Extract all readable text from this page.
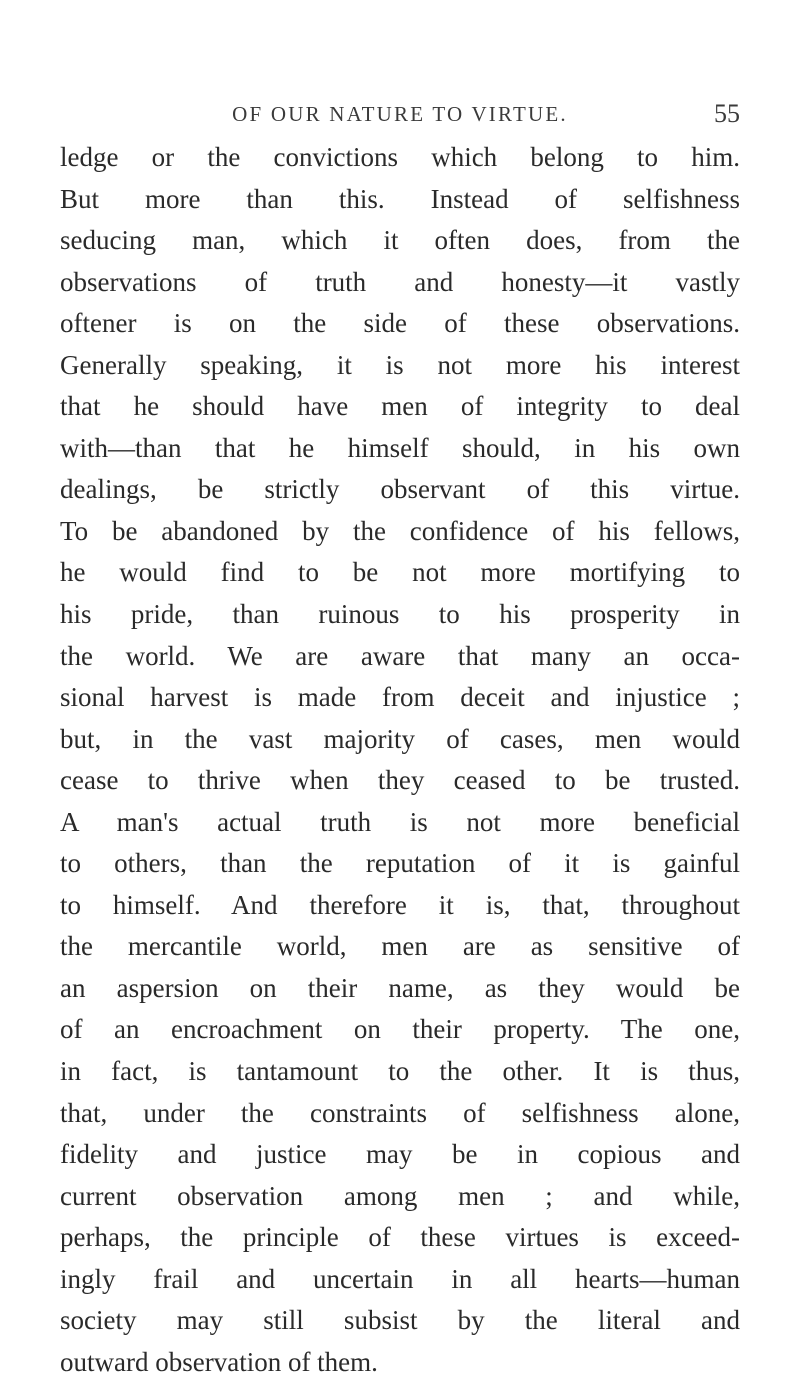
OF OUR NATURE TO VIRTUE.	55
ledge or the convictions which belong to him.
But more than this. Instead of selfishness
seducing man, which it often does, from the
observations of truth and honesty—it vastly
oftener is on the side of these observations.
Generally speaking, it is not more his interest
that he should have men of integrity to deal
with—than that he himself should, in his own
dealings, be strictly observant of this virtue.
To be abandoned by the confidence of his fellows,
he would find to be not more mortifying to
his pride, than ruinous to his prosperity in
the world. We are aware that many an occa-
sional harvest is made from deceit and injustice ;
but, in the vast majority of cases, men would
cease to thrive when they ceased to be trusted.
A man's actual truth is not more beneficial
to others, than the reputation of it is gainful
to himself. And therefore it is, that, throughout
the mercantile world, men are as sensitive of
an aspersion on their name, as they would be
of an encroachment on their property. The one,
in fact, is tantamount to the other. It is thus,
that, under the constraints of selfishness alone,
fidelity and justice may be in copious and
current observation among men ; and while,
perhaps, the principle of these virtues is exceed-
ingly frail and uncertain in all hearts—human
society may still subsist by the literal and
outward observation of them.
